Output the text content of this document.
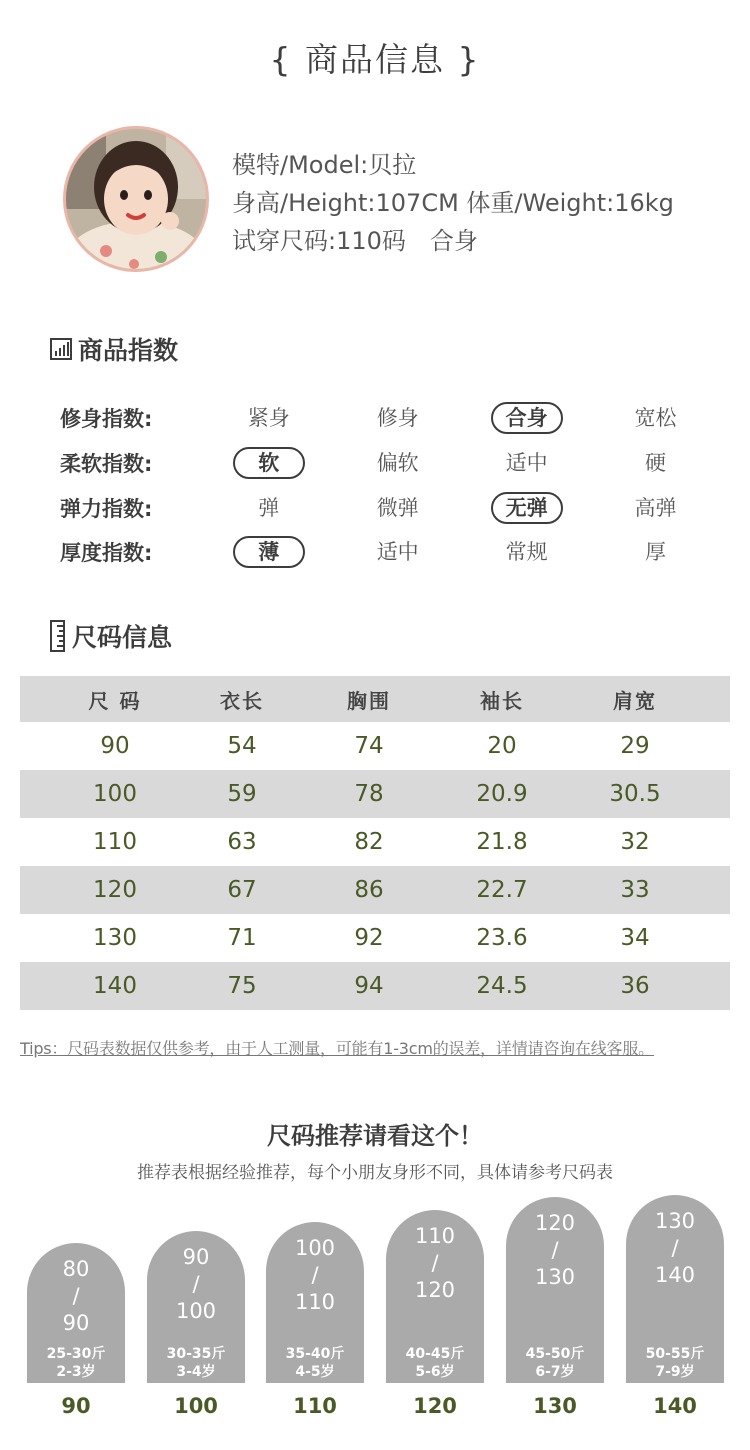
{ 商品信息 }
模特/Model:贝拉
身高/Height:107CM 体重/Weight:16kg
试穿尺码:110码　合身
商品指数
修身指数:	紧身	修身	合身	宽松
柔软指数:	软	偏软	适中	硬
弹力指数:	弹	微弹	无弹	高弹
厚度指数:	薄	适中	常规	厚
尺码信息
尺 码	衣长	胸围	袖长	肩宽
90	54	74	20	29
100	59	78	20.9	30.5
110	63	82	21.8	32
120	67	86	22.7	33
130	71	92	23.6	34
140	75	94	24.5	36
Tips：尺码表数据仅供参考，由于人工测量，可能有1-3cm的误差，详情请咨询在线客服。
尺码推荐请看这个！
推荐表根据经验推荐，每个小朋友身形不同，具体请参考尺码表
80
/
90
25-30斤
2-3岁
90
90
/
100
30-35斤
3-4岁
100
100
/
110
35-40斤
4-5岁
110
110
/
120
40-45斤
5-6岁
120
120
/
130
45-50斤
6-7岁
130
130
/
140
50-55斤
7-9岁
140
